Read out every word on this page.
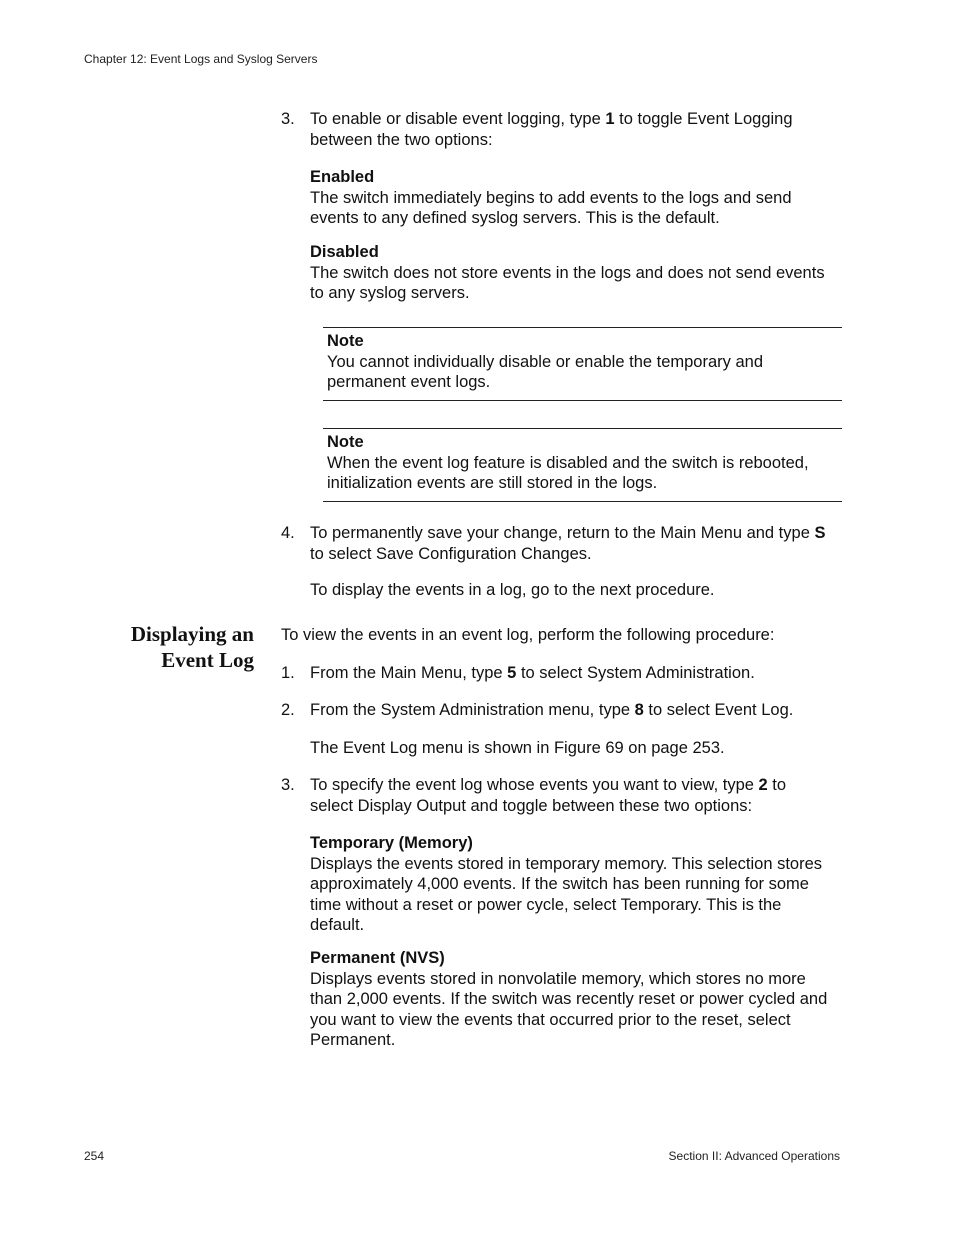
Chapter 12: Event Logs and Syslog Servers
3. To enable or disable event logging, type 1 to toggle Event Logging
between the two options:
Enabled
The switch immediately begins to add events to the logs and send
events to any defined syslog servers. This is the default.
Disabled
The switch does not store events in the logs and does not send events
to any syslog servers.
Note
You cannot individually disable or enable the temporary and
permanent event logs.
Note
When the event log feature is disabled and the switch is rebooted,
initialization events are still stored in the logs.
4. To permanently save your change, return to the Main Menu and type S
to select Save Configuration Changes.
To display the events in a log, go to the next procedure.
Displaying an
Event Log
To view the events in an event log, perform the following procedure:
1. From the Main Menu, type 5 to select System Administration.
2. From the System Administration menu, type 8 to select Event Log.
The Event Log menu is shown in Figure 69 on page 253.
3. To specify the event log whose events you want to view, type 2 to
select Display Output and toggle between these two options:
Temporary (Memory)
Displays the events stored in temporary memory. This selection stores
approximately 4,000 events. If the switch has been running for some
time without a reset or power cycle, select Temporary. This is the
default.
Permanent (NVS)
Displays events stored in nonvolatile memory, which stores no more
than 2,000 events. If the switch was recently reset or power cycled and
you want to view the events that occurred prior to the reset, select
Permanent.
254	Section II: Advanced Operations
